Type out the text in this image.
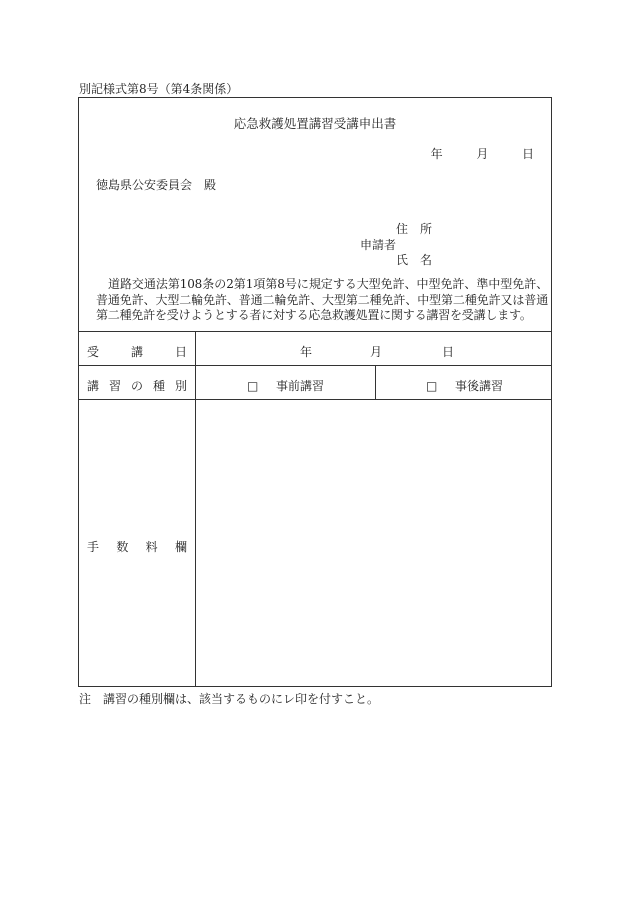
別記様式第8号（第4条関係）
応急救護処置講習受講申出書
年	月	日
徳島県公安委員会　殿
住　所
申請者
氏　名
道路交通法第108条の2第1項第8号に規定する大型免許、中型免許、準中型免許、普通免許、大型二輪免許、普通二輪免許、大型第二種免許、中型第二種免許又は普通第二種免許を受けようとする者に対する応急救護処置に関する講習を受講します。
受	講	日	年	月	日
講 習 の 種 別	□ 事前講習	□ 事後講習
手 数 料 欄
注　講習の種別欄は、該当するものにレ印を付すこと。
